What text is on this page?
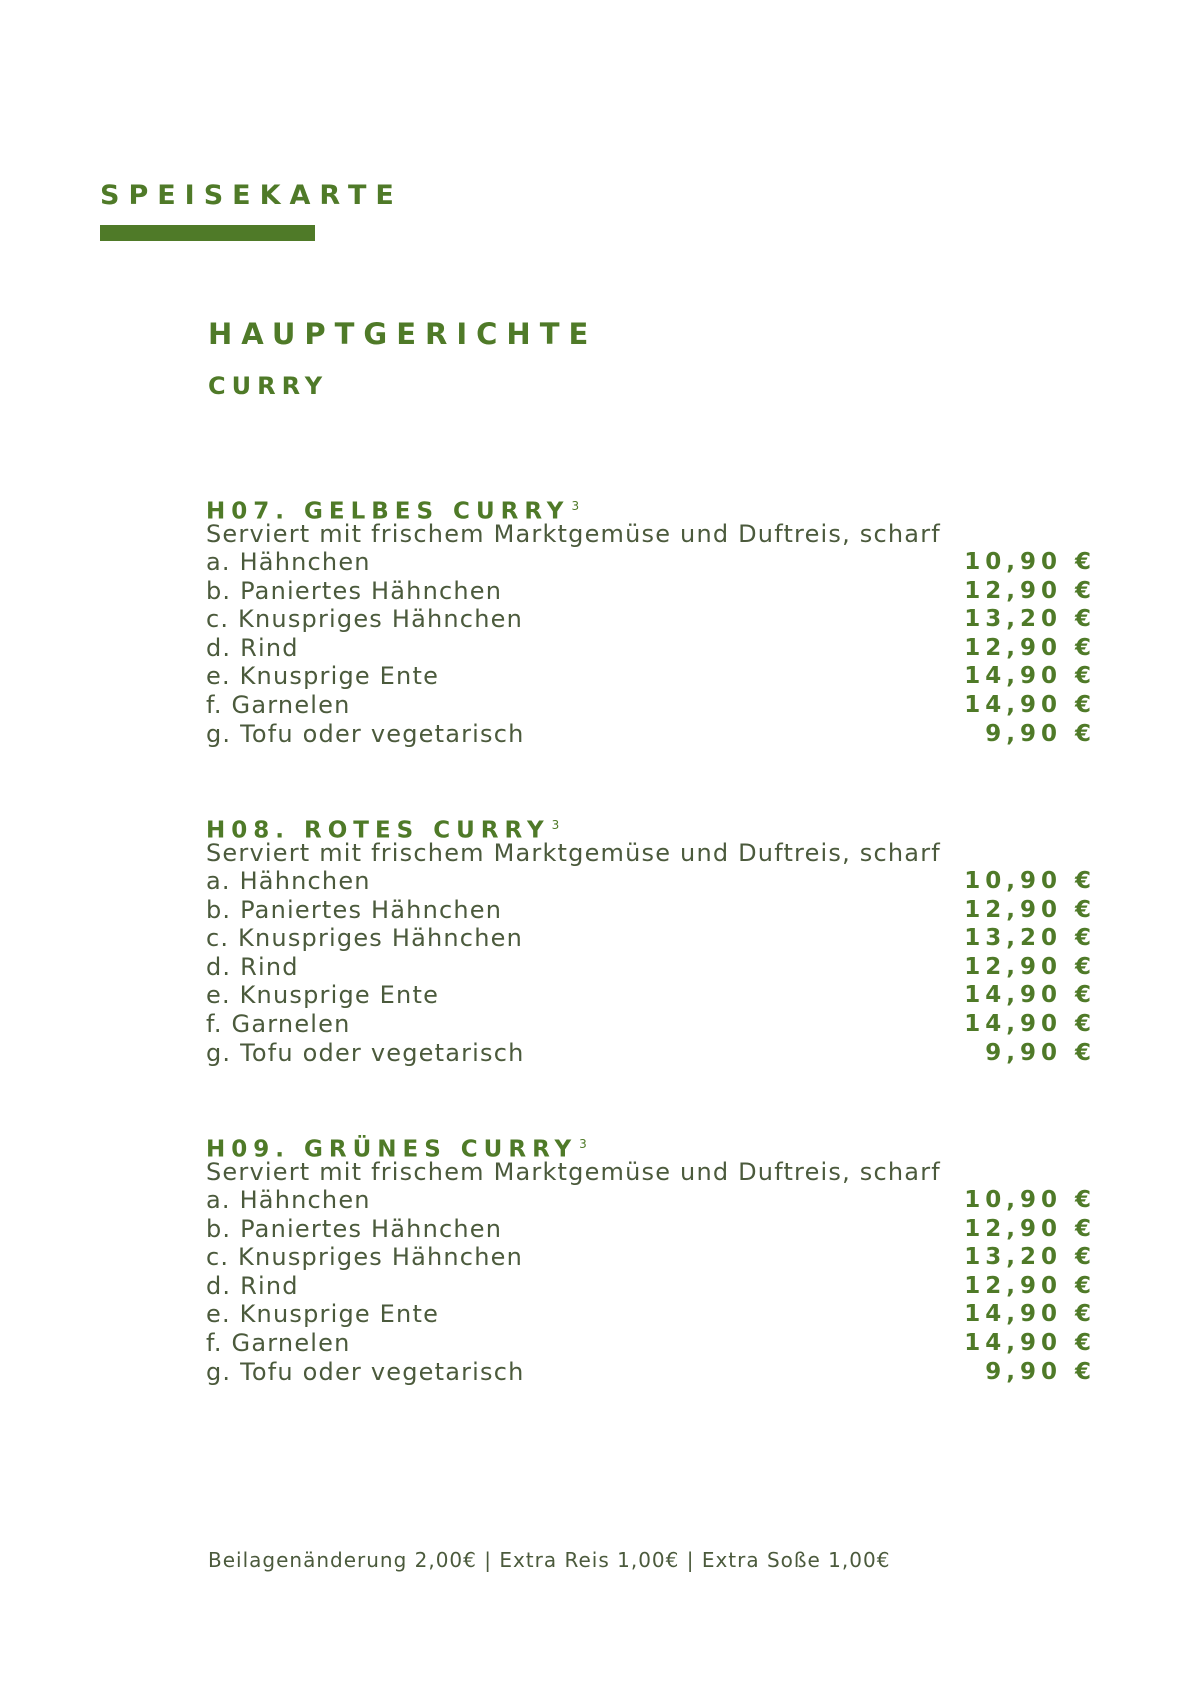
SPEISEKARTE
HAUPTGERICHTE
CURRY
H07. GELBES CURRY $^3$
Serviert mit frischem Marktgemüse und Duftreis, scharf
a. Hähnchen	10,90 €
b. Paniertes Hähnchen	12,90 €
c. Knuspriges Hähnchen	13,20 €
d. Rind	12,90 €
e. Knusprige Ente	14,90 €
f. Garnelen	14,90 €
g. Tofu oder vegetarisch	9,90 €
H08. ROTES CURRY $^3$
Serviert mit frischem Marktgemüse und Duftreis, scharf
a. Hähnchen	10,90 €
b. Paniertes Hähnchen	12,90 €
c. Knuspriges Hähnchen	13,20 €
d. Rind	12,90 €
e. Knusprige Ente	14,90 €
f. Garnelen	14,90 €
g. Tofu oder vegetarisch	9,90 €
H09. GRÜNES CURRY $^3$
Serviert mit frischem Marktgemüse und Duftreis, scharf
a. Hähnchen	10,90 €
b. Paniertes Hähnchen	12,90 €
c. Knuspriges Hähnchen	13,20 €
d. Rind	12,90 €
e. Knusprige Ente	14,90 €
f. Garnelen	14,90 €
g. Tofu oder vegetarisch	9,90 €
Beilagenänderung 2,00€ | Extra Reis 1,00€ | Extra Soße 1,00€
